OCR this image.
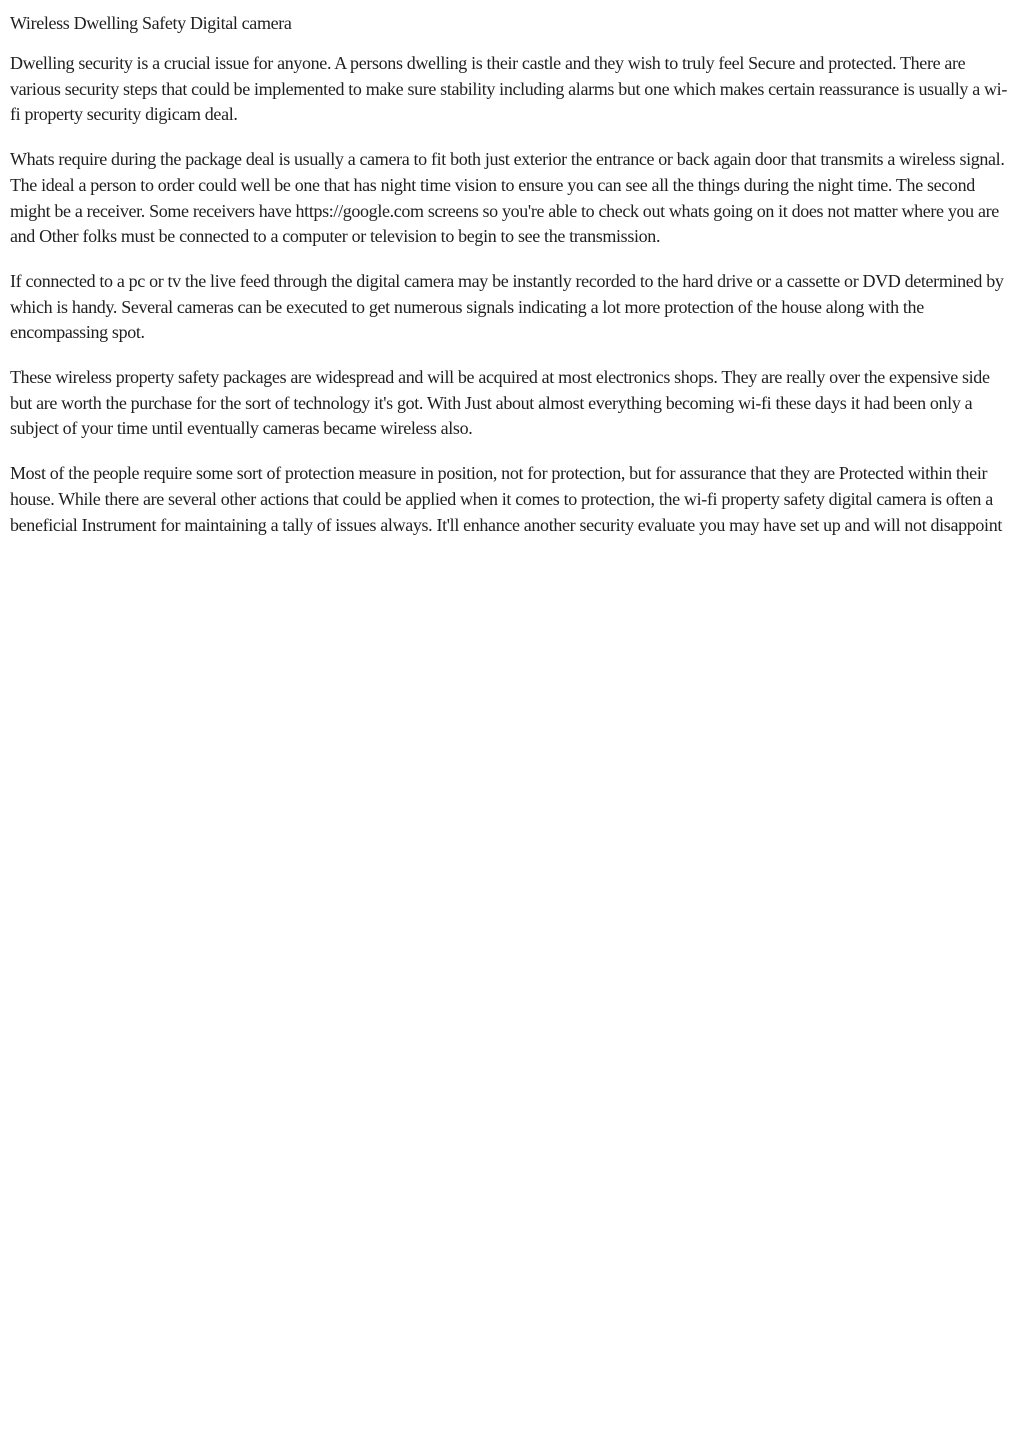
Wireless Dwelling Safety Digital camera

Dwelling security is a crucial issue for anyone. A persons dwelling is their castle and they wish to truly feel Secure and protected. There are various security steps that could be implemented to make sure stability including alarms but one which makes certain reassurance is usually a wi-fi property security digicam deal.

Whats require during the package deal is usually a camera to fit both just exterior the entrance or back again door that transmits a wireless signal. The ideal a person to order could well be one that has night time vision to ensure you can see all the things during the night time. The second might be a receiver. Some receivers have https://google.com screens so you're able to check out whats going on it does not matter where you are and Other folks must be connected to a computer or television to begin to see the transmission.

If connected to a pc or tv the live feed through the digital camera may be instantly recorded to the hard drive or a cassette or DVD determined by which is handy. Several cameras can be executed to get numerous signals indicating a lot more protection of the house along with the encompassing spot.

These wireless property safety packages are widespread and will be acquired at most electronics shops. They are really over the expensive side but are worth the purchase for the sort of technology it's got. With Just about almost everything becoming wi-fi these days it had been only a subject of your time until eventually cameras became wireless also.

Most of the people require some sort of protection measure in position, not for protection, but for assurance that they are Protected within their house. While there are several other actions that could be applied when it comes to protection, the wi-fi property safety digital camera is often a beneficial Instrument for maintaining a tally of issues always. It'll enhance another security evaluate you may have set up and will not disappoint
